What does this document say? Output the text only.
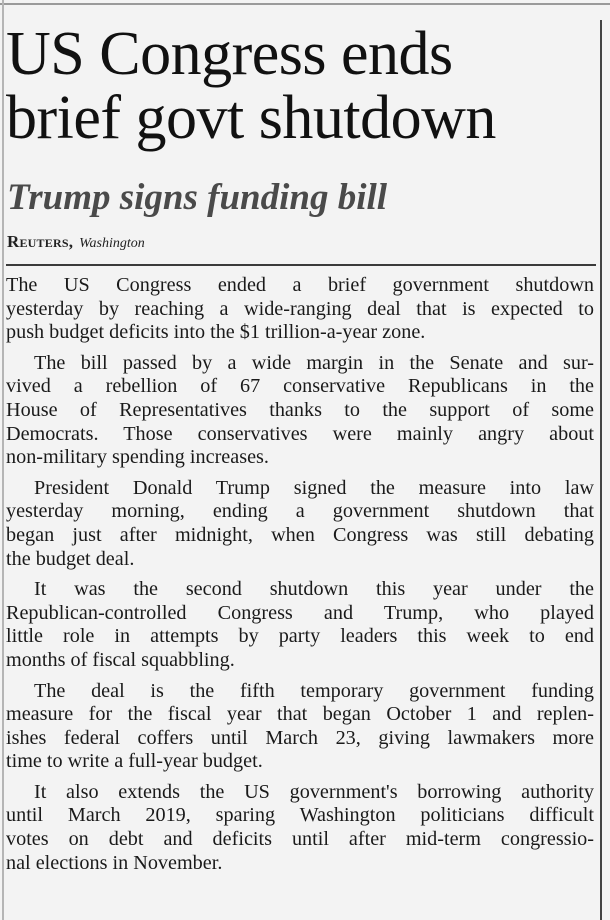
US Congress ends
brief govt shutdown
Trump signs funding bill
Reuters, Washington

The US Congress ended a brief government shutdown
yesterday by reaching a wide-ranging deal that is expected to
push budget deficits into the $1 trillion-a-year zone.

The bill passed by a wide margin in the Senate and sur-
vived a rebellion of 67 conservative Republicans in the
House of Representatives thanks to the support of some
Democrats. Those conservatives were mainly angry about
non-military spending increases.

President Donald Trump signed the measure into law
yesterday morning, ending a government shutdown that
began just after midnight, when Congress was still debating
the budget deal.

It was the second shutdown this year under the
Republican-controlled Congress and Trump, who played
little role in attempts by party leaders this week to end
months of fiscal squabbling.

The deal is the fifth temporary government funding
measure for the fiscal year that began October 1 and replen-
ishes federal coffers until March 23, giving lawmakers more
time to write a full-year budget.

It also extends the US government's borrowing authority
until March 2019, sparing Washington politicians difficult
votes on debt and deficits until after mid-term congressio-
nal elections in November.
